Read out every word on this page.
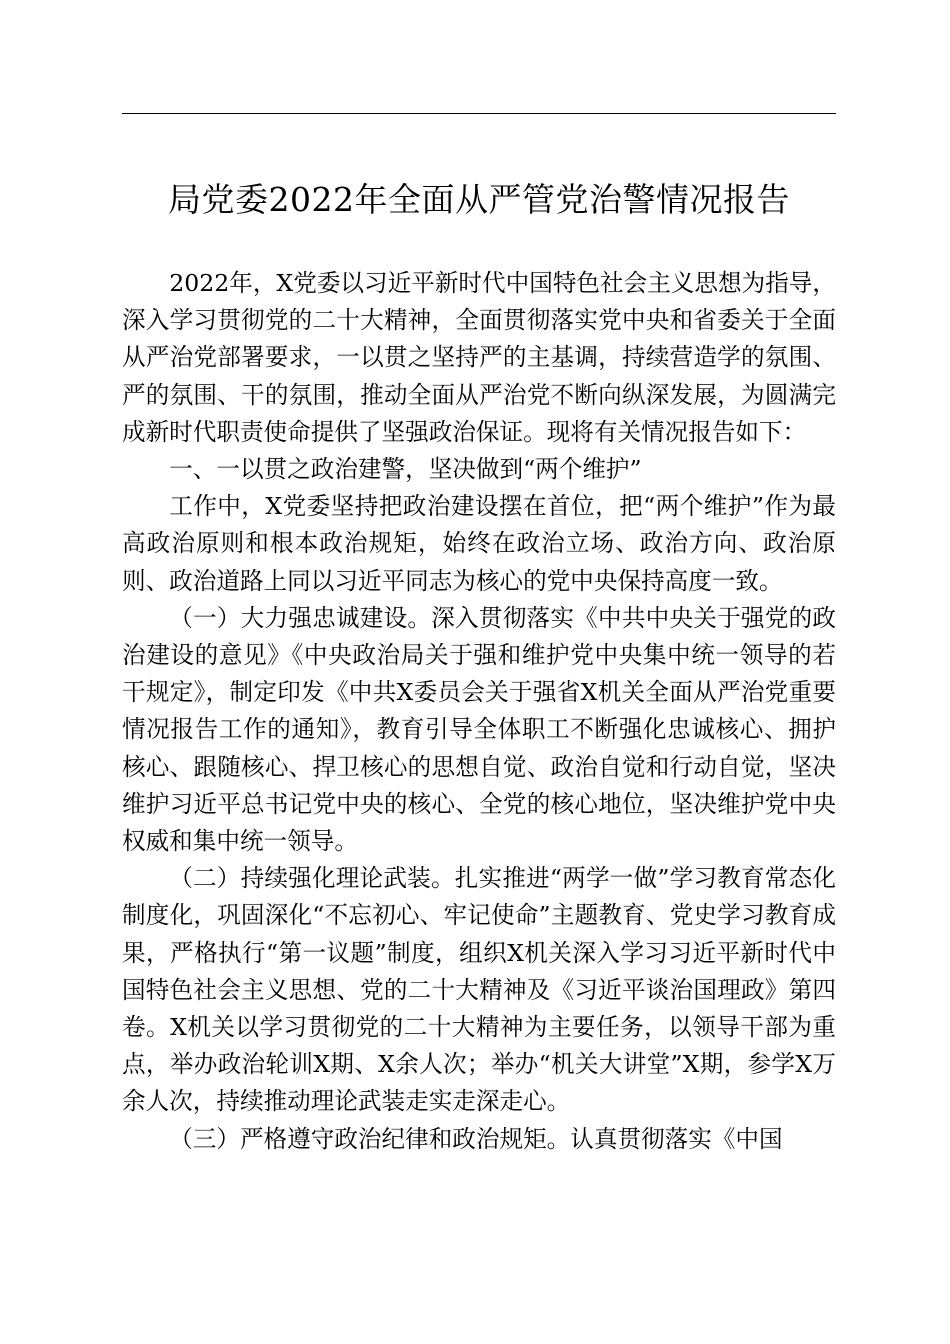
局党委2022年全面从严管党治警情况报告

2022年，X党委以习近平新时代中国特色社会主义思想为指导，深入学习贯彻党的二十大精神，全面贯彻落实党中央和省委关于全面从严治党部署要求，一以贯之坚持严的主基调，持续营造学的氛围、严的氛围、干的氛围，推动全面从严治党不断向纵深发展，为圆满完成新时代职责使命提供了坚强政治保证。现将有关情况报告如下：

一、一以贯之政治建警，坚决做到“两个维护”

工作中，X党委坚持把政治建设摆在首位，把“两个维护”作为最高政治原则和根本政治规矩，始终在政治立场、政治方向、政治原则、政治道路上同以习近平同志为核心的党中央保持高度一致。

（一）大力强忠诚建设。深入贯彻落实《中共中央关于强党的政治建设的意见》《中央政治局关于强和维护党中央集中统一领导的若干规定》，制定印发《中共X委员会关于强省X机关全面从严治党重要情况报告工作的通知》，教育引导全体职工不断强化忠诚核心、拥护核心、跟随核心、捍卫核心的思想自觉、政治自觉和行动自觉，坚决维护习近平总书记党中央的核心、全党的核心地位，坚决维护党中央权威和集中统一领导。

（二）持续强化理论武装。扎实推进“两学一做”学习教育常态化制度化，巩固深化“不忘初心、牢记使命”主题教育、党史学习教育成果，严格执行“第一议题”制度，组织X机关深入学习习近平新时代中国特色社会主义思想、党的二十大精神及《习近平谈治国理政》第四卷。X机关以学习贯彻党的二十大精神为主要任务，以领导干部为重点，举办政治轮训X期、X余人次；举办“机关大讲堂”X期，参学X万余人次，持续推动理论武装走实走深走心。

（三）严格遵守政治纪律和政治规矩。认真贯彻落实《中国
